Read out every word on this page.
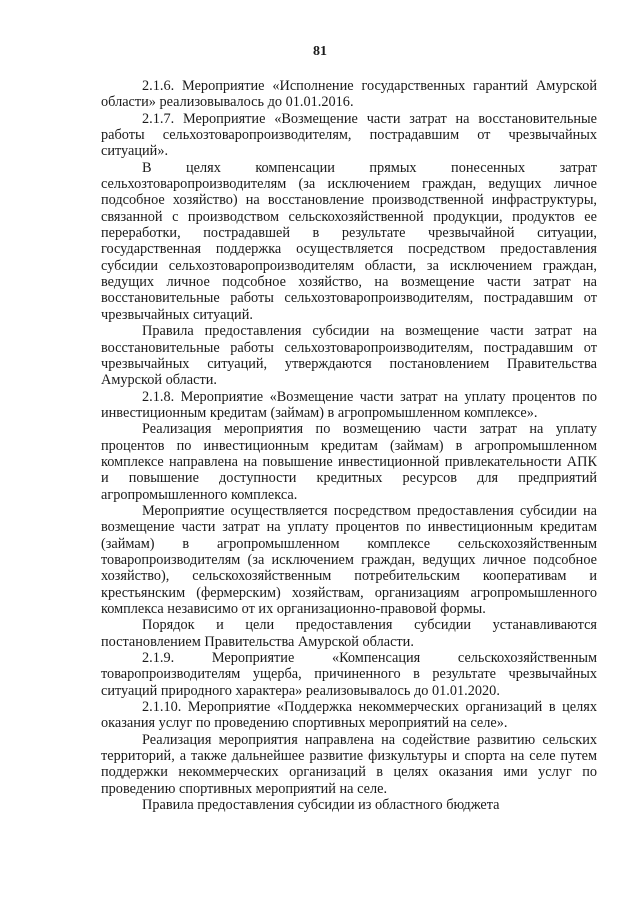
81

2.1.6. Мероприятие «Исполнение государственных гарантий Амурской области» реализовывалось до 01.01.2016.

2.1.7. Мероприятие «Возмещение части затрат на восстановительные работы сельхозтоваропроизводителям, пострадавшим от чрезвычайных ситуаций».

В целях компенсации прямых понесенных затрат сельхозтоваропроизводителям (за исключением граждан, ведущих личное подсобное хозяйство) на восстановление производственной инфраструктуры, связанной с производством сельскохозяйственной продукции, продуктов ее переработки, пострадавшей в результате чрезвычайной ситуации, государственная поддержка осуществляется посредством предоставления субсидии сельхозтоваропроизводителям области, за исключением граждан, ведущих личное подсобное хозяйство, на возмещение части затрат на восстановительные работы сельхозтоваропроизводителям, пострадавшим от чрезвычайных ситуаций.

Правила предоставления субсидии на возмещение части затрат на восстановительные работы сельхозтоваропроизводителям, пострадавшим от чрезвычайных ситуаций, утверждаются постановлением Правительства Амурской области.

2.1.8. Мероприятие «Возмещение части затрат на уплату процентов по инвестиционным кредитам (займам) в агропромышленном комплексе».

Реализация мероприятия по возмещению части затрат на уплату процентов по инвестиционным кредитам (займам) в агропромышленном комплексе направлена на повышение инвестиционной привлекательности АПК и повышение доступности кредитных ресурсов для предприятий агропромышленного комплекса.

Мероприятие осуществляется посредством предоставления субсидии на возмещение части затрат на уплату процентов по инвестиционным кредитам (займам) в агропромышленном комплексе сельскохозяйственным товаропроизводителям (за исключением граждан, ведущих личное подсобное хозяйство), сельскохозяйственным потребительским кооперативам и крестьянским (фермерским) хозяйствам, организациям агропромышленного комплекса независимо от их организационно-правовой формы.

Порядок и цели предоставления субсидии устанавливаются постановлением Правительства Амурской области.

2.1.9. Мероприятие «Компенсация сельскохозяйственным товаропроизводителям ущерба, причиненного в результате чрезвычайных ситуаций природного характера» реализовывалось до 01.01.2020.

2.1.10. Мероприятие «Поддержка некоммерческих организаций в целях оказания услуг по проведению спортивных мероприятий на селе».

Реализация мероприятия направлена на содействие развитию сельских территорий, а также дальнейшее развитие физкультуры и спорта на селе путем поддержки некоммерческих организаций в целях оказания ими услуг по проведению спортивных мероприятий на селе.

Правила предоставления субсидии из областного бюджета
